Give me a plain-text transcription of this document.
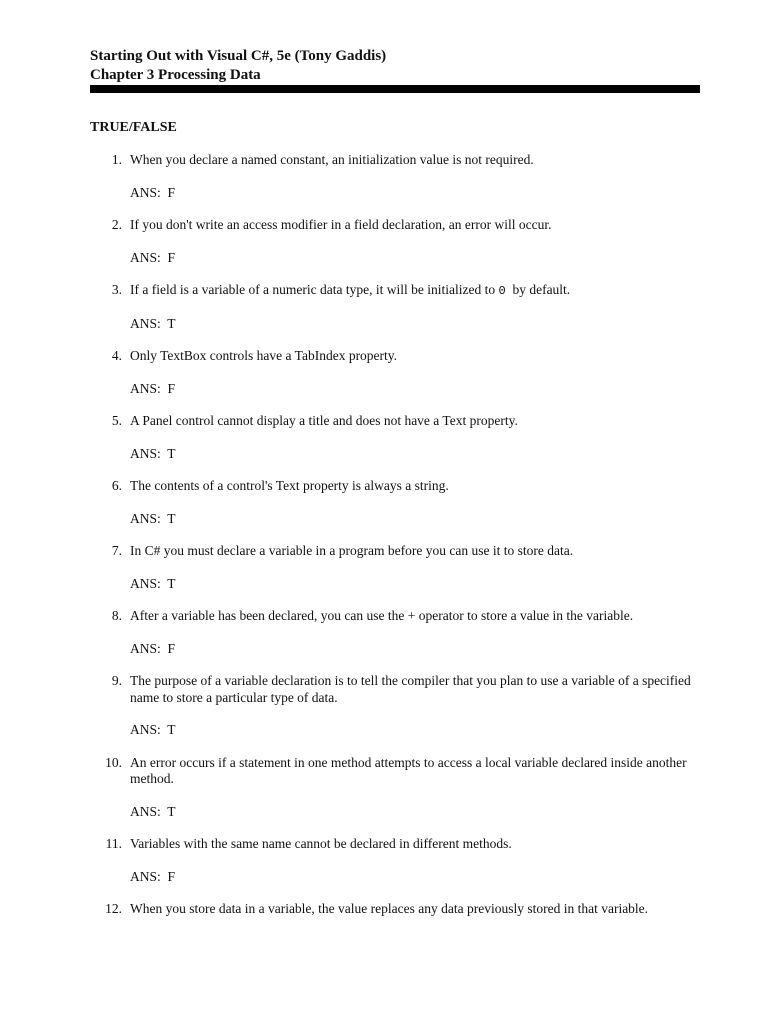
Starting Out with Visual C#, 5e (Tony Gaddis)

Chapter 3 Processing Data

TRUE/FALSE

1. When you declare a named constant, an initialization value is not required.
ANS: F
2. If you don't write an access modifier in a field declaration, an error will occur.
ANS: F
3. If a field is a variable of a numeric data type, it will be initialized to 0 by default.
ANS: T
4. Only TextBox controls have a TabIndex property.
ANS: F
5. A Panel control cannot display a title and does not have a Text property.
ANS: T
6. The contents of a control's Text property is always a string.
ANS: T
7. In C# you must declare a variable in a program before you can use it to store data.
ANS: T
8. After a variable has been declared, you can use the + operator to store a value in the variable.
ANS: F
9. The purpose of a variable declaration is to tell the compiler that you plan to use a variable of a specified name to store a particular type of data.
ANS: T
10. An error occurs if a statement in one method attempts to access a local variable declared inside another method.
ANS: T
11. Variables with the same name cannot be declared in different methods.
ANS: F
12. When you store data in a variable, the value replaces any data previously stored in that variable.
